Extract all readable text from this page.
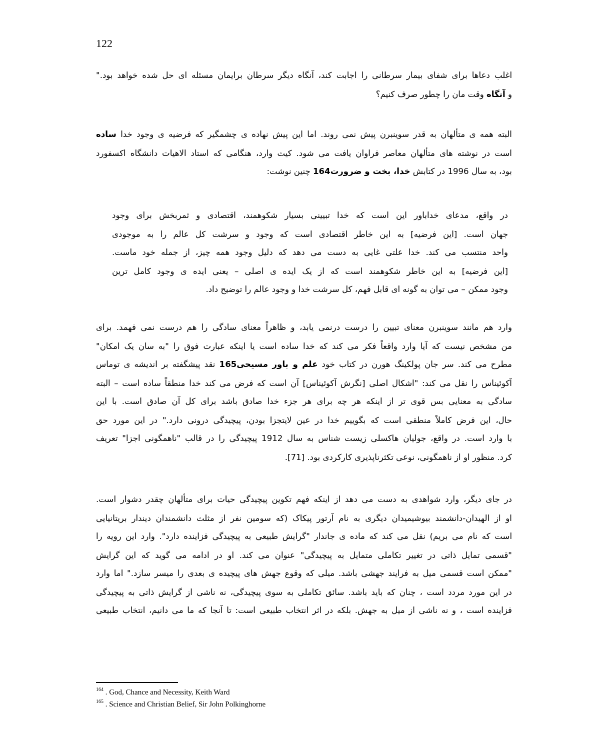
122
اغلب دعاها برای شفای بیمار سرطانی را اجابت کند، آنگاه دیگر سرطان برایمان مسئله ای حل شده خواهد بود."
و آنگاه وقت مان را چطور صرف کنیم؟
البته همه ی متألهان به قدر سوینبرن پیش نمی روند. اما این پیش نهاده ی چشمگیر که فرضیه ی وجود خدا ساده
است در نوشته های متألهان معاصر فراوان یافت می شود. کیث وارد، هنگامی که استاد الاهیات دانشگاه اکسفورد
بود، به سال 1996 در کتابش خدا، بخت و ضرورت164 چنین نوشت:
در واقع، مدعای خداباور این است که خدا تبیینی بسیار شکوهمند، اقتصادی و ثمربخش برای وجود
جهان است. [این فرضیه] به این خاطر اقتصادی است که وجود و سرشت کل عالم را به موجودی
واحد منتسب می کند. خدا علتی غایی به دست می دهد که دلیل وجود همه چیز، از جمله خود ماست.
[این فرضیه] به این خاطر شکوهمند است که از یک ایده ی اصلی – یعنی ایده ی وجود کامل ترین
وجود ممکن – می توان به گونه ای قابل فهم، کل سرشت خدا و وجود عالم را توضیح داد.
وارد هم مانند سوینبرن معنای تبیین را درست درنمی یابد، و ظاهراً معنای سادگی را هم درست نمی فهمد. برای
من مشخص نیست که آیا وارد واقعاً فکر می کند که خدا ساده است یا اینکه عبارت فوق را "به سان یک امکان"
مطرح می کند. سر جان پولکینگ هورن در کتاب خود علم و باور مسیحی165 نقد پیشگفته بر اندیشه ی توماس
آکوئیناس را نقل می کند: "اشکال اصلی [نگرش آکوئیناس] آن است که فرض می کند خدا منطقاً ساده است – البته
سادگی به معنایی بس قوی تر از اینکه هر چه برای هر جزء خدا صادق باشد برای کل آن صادق است. با این
حال، این فرض کاملاً منطقی است که بگوییم خدا در عین لایتجزا بودن، پیچیدگی درونی دارد." در این مورد حق
با وارد است. در واقع، جولیان هاکسلی زیست شناس به سال 1912 پیچیدگی را در قالب "ناهمگونی اجزا" تعریف
کرد. منظور او از ناهمگونی، نوعی تکثرناپذیری کارکردی بود. [71].
در جای دیگر، وارد شواهدی به دست می دهد از اینکه فهم تکوین پیچیدگی حیات برای متألهان چقدر دشوار است.
او از الهیدان-دانشمند بیوشیمیدان دیگری به نام آرتور پیکاک (که سومین نفر از مثلث دانشمندان دیندار بریتانیایی
است که نام می بریم) نقل می کند که ماده ی جاندار "گرایش طبیعی به پیچیدگی فزاینده دارد". وارد این رویه را
"قسمی تمایل ذاتی در تغییر تکاملی متمایل به پیچیدگی" عنوان می کند. او در ادامه می گوید که این گرایش
"ممکن است قسمی میل به فرایند جهشی باشد. میلی که وقوع جهش های پیچیده ی بعدی را میسر سازد." اما وارد
در این مورد مردد است ، چنان که باید باشد. سائق تکاملی به سوی پیچیدگی، نه ناشی از گرایش ذاتی به پیچیدگی
فزاینده است ، و نه ناشی از میل به جهش. بلکه در اثر انتخاب طبیعی است: تا آنجا که ما می دانیم، انتخاب طبیعی
$^{164}$ . God, Chance and Necessity, Keith Ward
$^{165}$ . Science and Christian Belief, Sir John Polkinghorne
